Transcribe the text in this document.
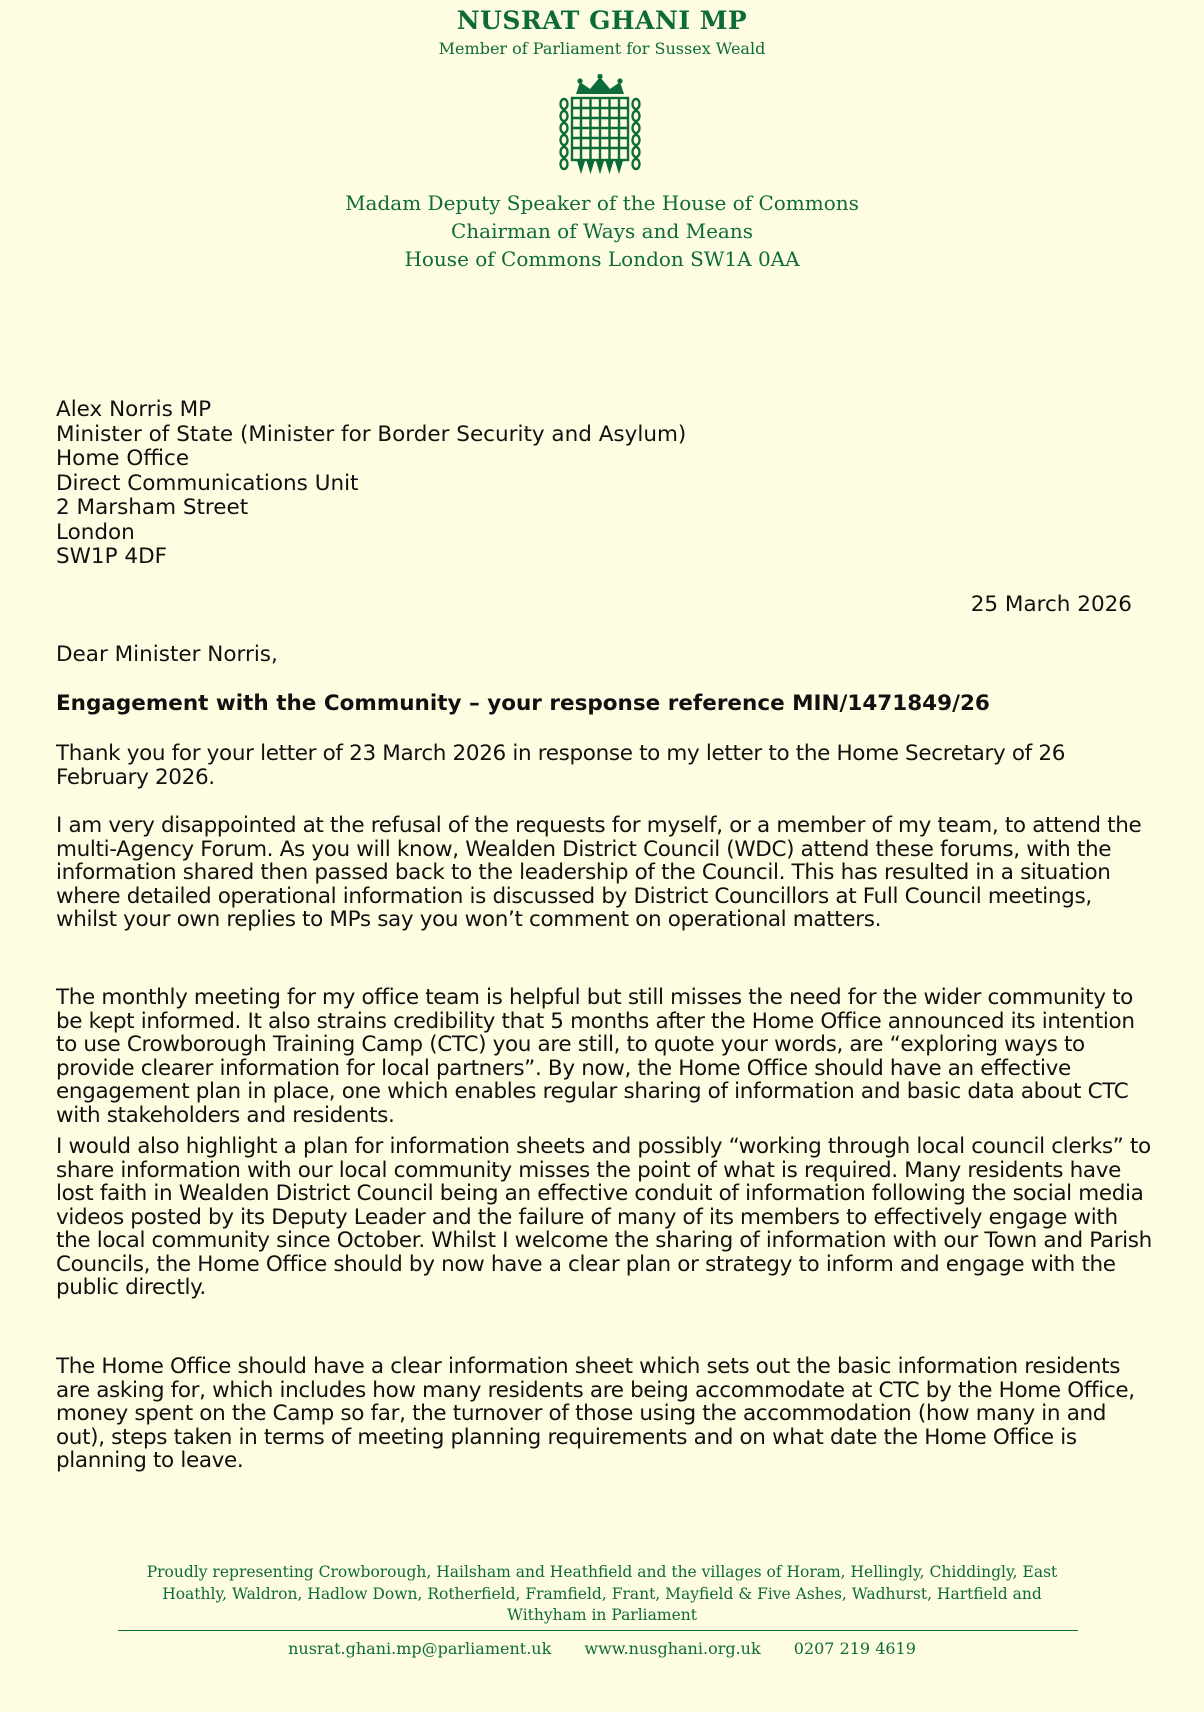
NUSRAT GHANI MP
Member of Parliament for Sussex Weald
Madam Deputy Speaker of the House of Commons
Chairman of Ways and Means
House of Commons London SW1A 0AA
Alex Norris MP
Minister of State (Minister for Border Security and Asylum)
Home Office
Direct Communications Unit
2 Marsham Street
London
SW1P 4DF
25 March 2026
Dear Minister Norris,
Engagement with the Community – your response reference MIN/1471849/26
Thank you for your letter of 23 March 2026 in response to my letter to the Home Secretary of 26 February 2026.
I am very disappointed at the refusal of the requests for myself, or a member of my team, to attend the multi-Agency Forum. As you will know, Wealden District Council (WDC) attend these forums, with the information shared then passed back to the leadership of the Council. This has resulted in a situation where detailed operational information is discussed by District Councillors at Full Council meetings, whilst your own replies to MPs say you won’t comment on operational matters.
The monthly meeting for my office team is helpful but still misses the need for the wider community to be kept informed. It also strains credibility that 5 months after the Home Office announced its intention to use Crowborough Training Camp (CTC) you are still, to quote your words, are “exploring ways to provide clearer information for local partners”. By now, the Home Office should have an effective engagement plan in place, one which enables regular sharing of information and basic data about CTC with stakeholders and residents.
I would also highlight a plan for information sheets and possibly “working through local council clerks” to share information with our local community misses the point of what is required. Many residents have lost faith in Wealden District Council being an effective conduit of information following the social media videos posted by its Deputy Leader and the failure of many of its members to effectively engage with the local community since October. Whilst I welcome the sharing of information with our Town and Parish Councils, the Home Office should by now have a clear plan or strategy to inform and engage with the public directly.
The Home Office should have a clear information sheet which sets out the basic information residents are asking for, which includes how many residents are being accommodate at CTC by the Home Office, money spent on the Camp so far, the turnover of those using the accommodation (how many in and out), steps taken in terms of meeting planning requirements and on what date the Home Office is planning to leave.
Proudly representing Crowborough, Hailsham and Heathfield and the villages of Horam, Hellingly, Chiddingly, East Hoathly, Waldron, Hadlow Down, Rotherfield, Framfield, Frant, Mayfield & Five Ashes, Wadhurst, Hartfield and Withyham in Parliament
nusrat.ghani.mp@parliament.uk www.nusghani.org.uk 0207 219 4619
